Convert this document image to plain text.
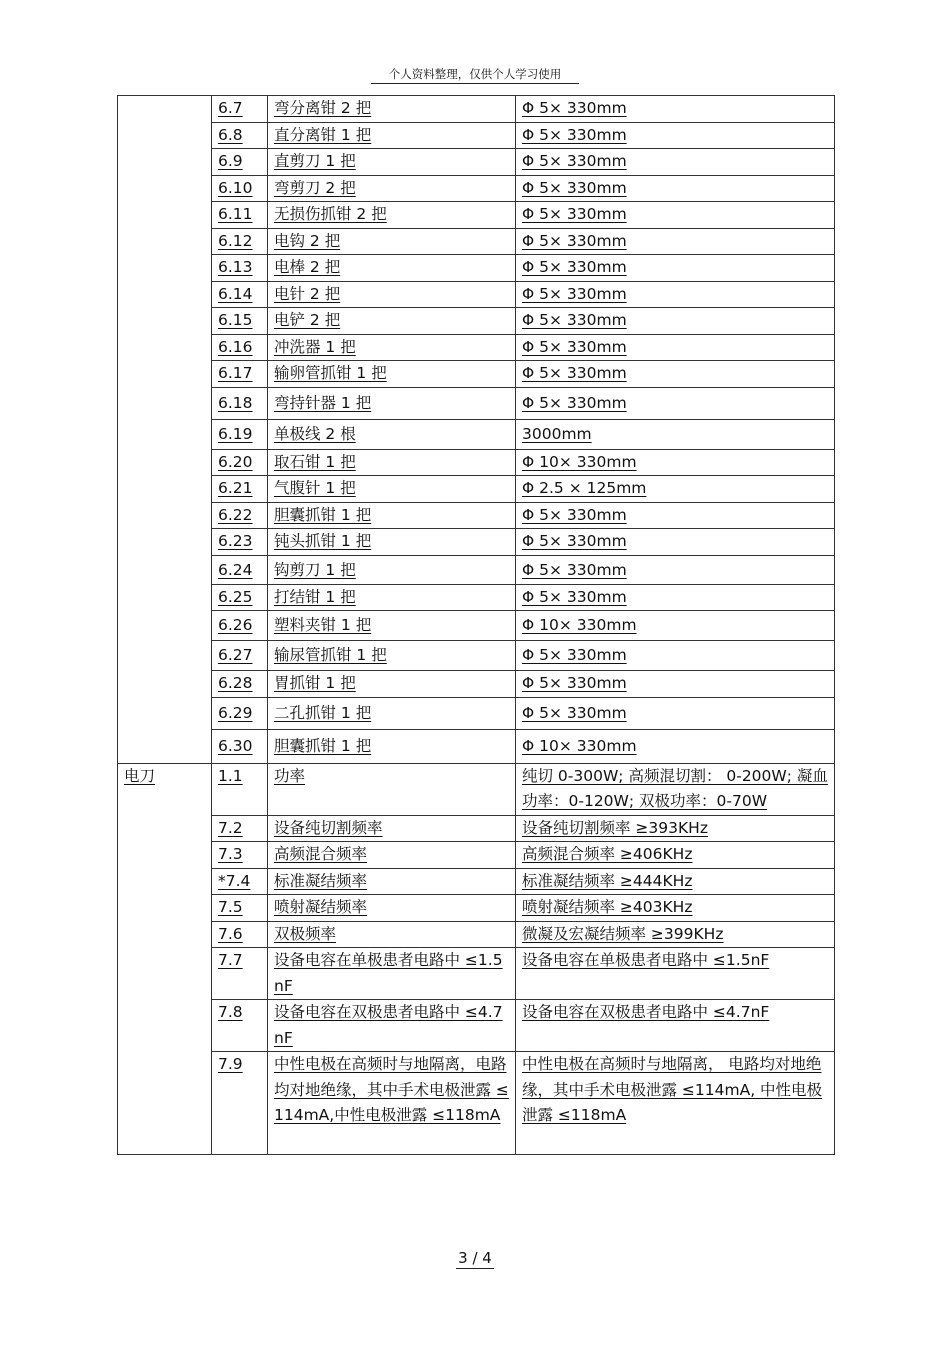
个人资料整理，仅供个人学习使用
	6.7	弯分离钳 2 把	Φ 5× 330mm
	6.8	直分离钳 1 把	Φ 5× 330mm
	6.9	直剪刀 1 把	Φ 5× 330mm
	6.10	弯剪刀 2 把	Φ 5× 330mm
	6.11	无损伤抓钳 2 把	Φ 5× 330mm
	6.12	电钩 2 把	Φ 5× 330mm
	6.13	电棒 2 把	Φ 5× 330mm
	6.14	电针 2 把	Φ 5× 330mm
	6.15	电铲 2 把	Φ 5× 330mm
	6.16	冲洗器 1 把	Φ 5× 330mm
	6.17	输卵管抓钳 1 把	Φ 5× 330mm
	6.18	弯持针器 1 把	Φ 5× 330mm
	6.19	单极线 2 根	3000mm
	6.20	取石钳 1 把	Φ 10× 330mm
	6.21	气腹针 1 把	Φ 2.5 × 125mm
	6.22	胆囊抓钳 1 把	Φ 5× 330mm
	6.23	钝头抓钳 1 把	Φ 5× 330mm
	6.24	钩剪刀 1 把	Φ 5× 330mm
	6.25	打结钳 1 把	Φ 5× 330mm
	6.26	塑料夹钳 1 把	Φ 10× 330mm
	6.27	输尿管抓钳 1 把	Φ 5× 330mm
	6.28	胃抓钳 1 把	Φ 5× 330mm
	6.29	二孔抓钳 1 把	Φ 5× 330mm
	6.30	胆囊抓钳 1 把	Φ 10× 330mm
电刀	1.1	功率	纯切 0-300W; 高频混切割： 0-200W; 凝血功率：0-120W; 双极功率：0-70W
	7.2	设备纯切割频率	设备纯切割频率 ≥393KHz
	7.3	高频混合频率	高频混合频率 ≥406KHz
	*7.4	标准凝结频率	标准凝结频率 ≥444KHz
	7.5	喷射凝结频率	喷射凝结频率 ≥403KHz
	7.6	双极频率	微凝及宏凝结频率 ≥399KHz
	7.7	设备电容在单极患者电路中 ≤1.5nF	设备电容在单极患者电路中 ≤1.5nF
	7.8	设备电容在双极患者电路中 ≤4.7nF	设备电容在双极患者电路中 ≤4.7nF
	7.9	中性电极在高频时与地隔离，电路均对地绝缘，其中手术电极泄露 ≤114mA,中性电极泄露 ≤118mA	中性电极在高频时与地隔离， 电路均对地绝缘，其中手术电极泄露 ≤114mA, 中性电极泄露 ≤118mA
3 / 4
